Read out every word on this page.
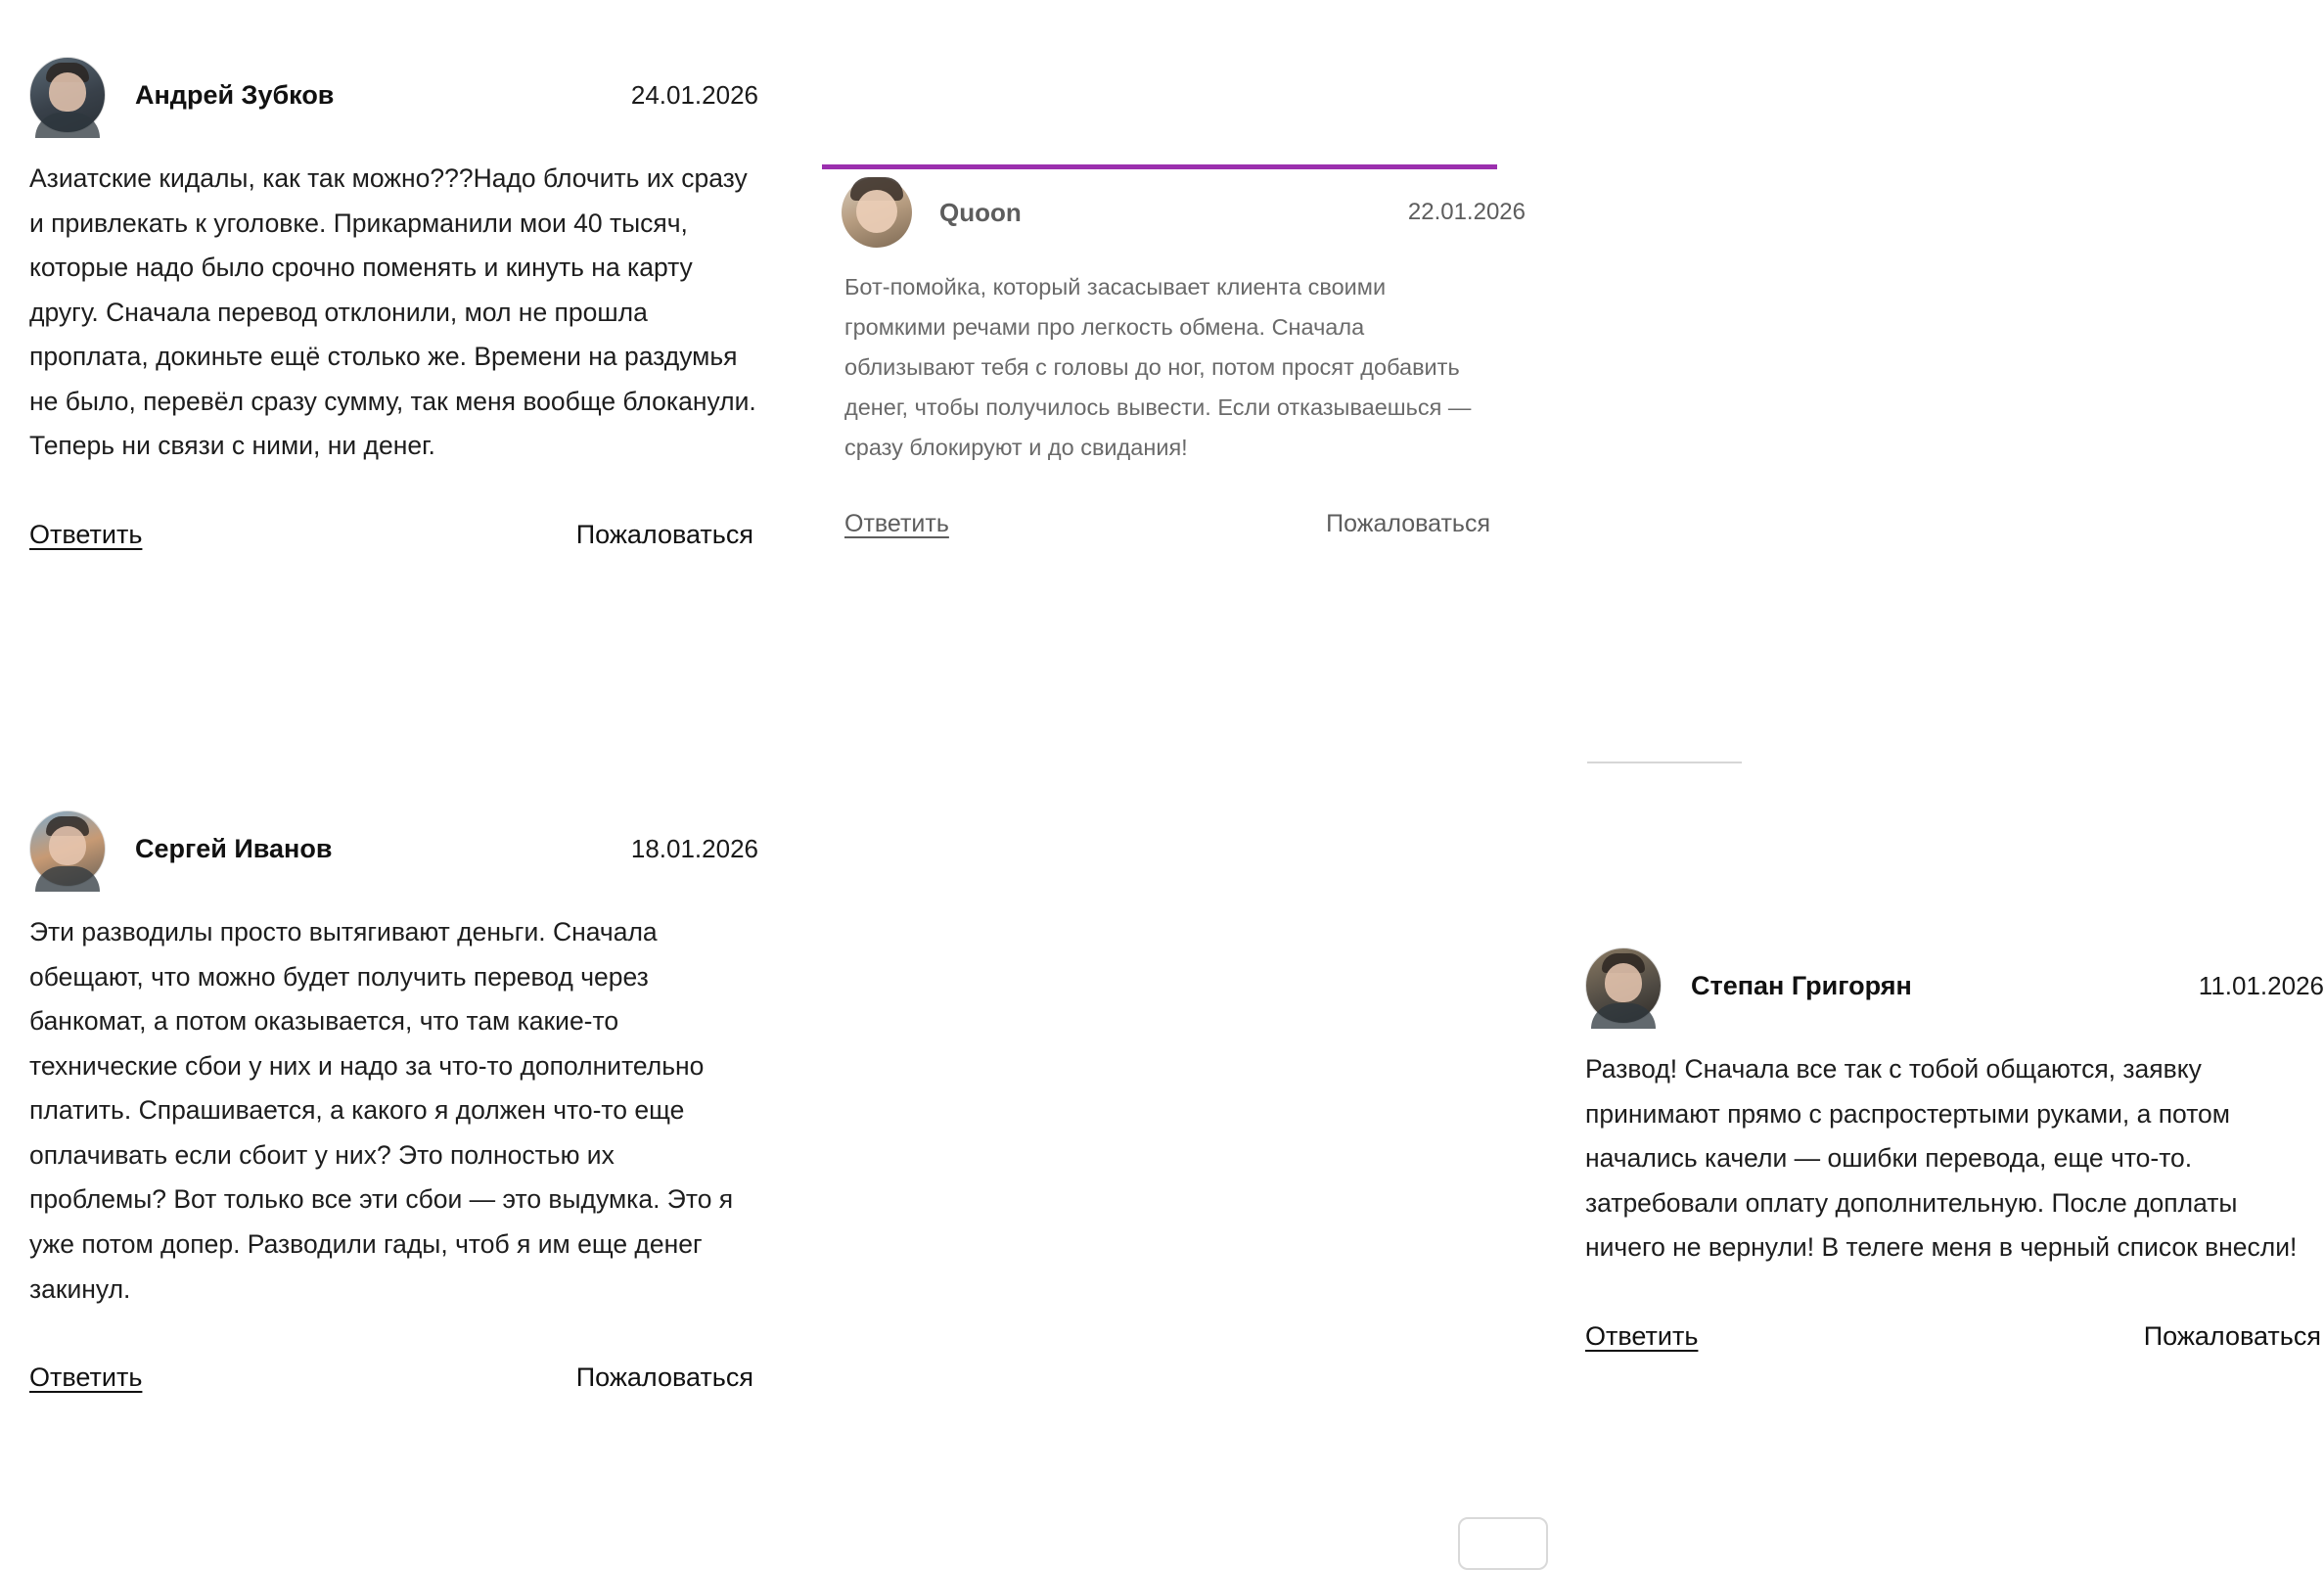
Андрей Зубков	24.01.2026
Азиатские кидалы, как так можно???Надо блочить их сразу и привлекать к уголовке. Прикарманили мои 40 тысяч, которые надо было срочно поменять и кинуть на карту другу. Сначала перевод отклонили, мол не прошла проплата, докиньте ещё столько же. Времени на раздумья не было, перевёл сразу сумму, так меня вообще блоканули. Теперь ни связи с ними, ни денег.
Ответить	Пожаловаться
Сергей Иванов	18.01.2026
Эти разводилы просто вытягивают деньги. Сначала обещают, что можно будет получить перевод через банкомат, а потом оказывается, что там какие-то технические сбои у них и надо за что-то дополнительно платить. Спрашивается, а какого я должен что-то еще оплачивать если сбоит у них? Это полностью их проблемы? Вот только все эти сбои — это выдумка. Это я уже потом допер. Разводили гады, чтоб я им еще денег закинул.
Ответить	Пожаловаться
Quoon	22.01.2026
Бот-помойка, который засасывает клиента своими громкими речами про легкость обмена. Сначала облизывают тебя с головы до ног, потом просят добавить денег, чтобы получилось вывести. Если отказываешься — сразу блокируют и до свидания!
Ответить	Пожаловаться
Степан Григорян	11.01.2026
Развод! Сначала все так с тобой общаются, заявку принимают прямо с распростертыми руками, а потом начались качели — ошибки перевода, еще что-то. затребовали оплату дополнительную. После доплаты ничего не вернули! В телеге меня в черный список внесли!
Ответить	Пожаловаться
